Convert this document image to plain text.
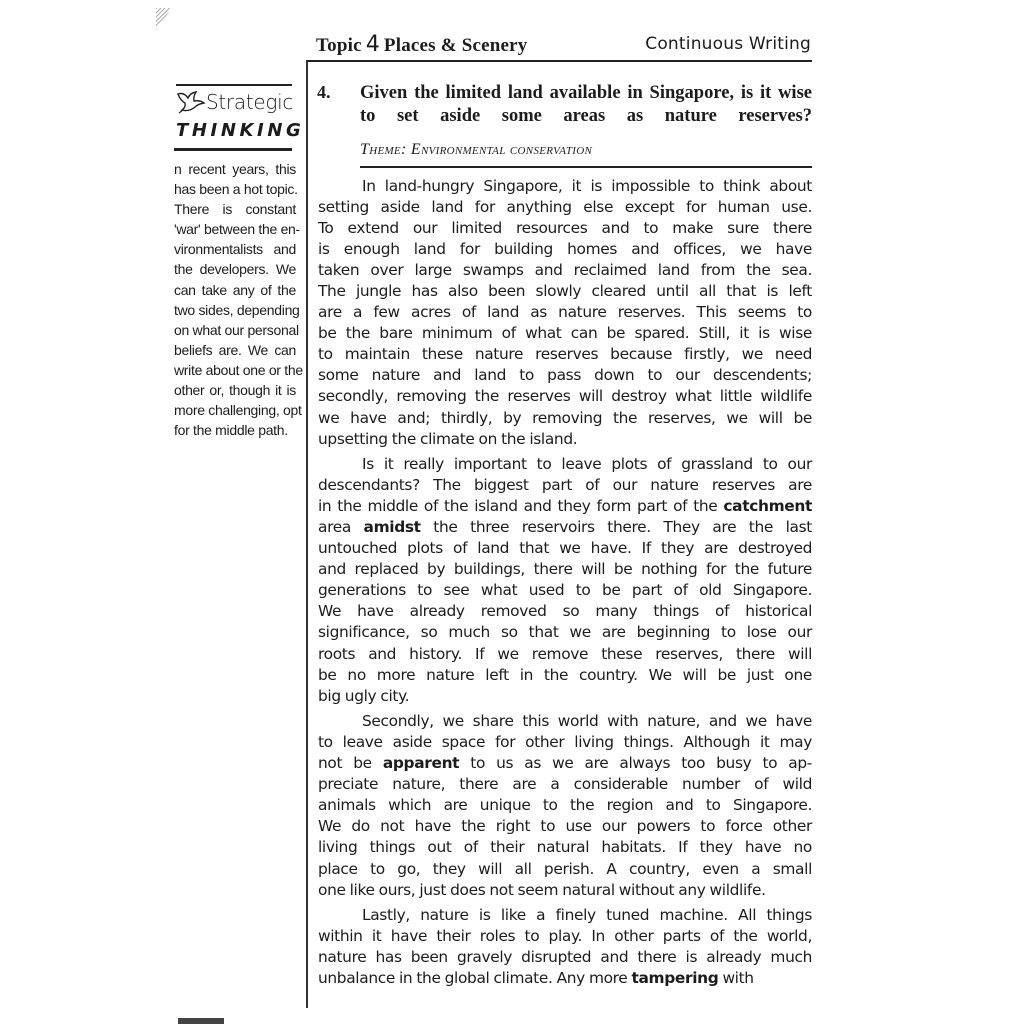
Topic 4 Places & Scenery	Continuous Writing
Strategic
THINKING
n recent years, this
has been a hot topic.
There is constant
'war' between the en-
vironmentalists and
the developers. We
can take any of the
two sides, depending
on what our personal
beliefs are. We can
write about one or the
other or, though it is
more challenging, opt
for the middle path.
4. Given the limited land available in Singapore, is it wise to set aside some areas as nature reserves?
Theme: Environmental conservation
In land-hungry Singapore, it is impossible to think about
setting aside land for anything else except for human use.
To extend our limited resources and to make sure there
is enough land for building homes and offices, we have
taken over large swamps and reclaimed land from the sea.
The jungle has also been slowly cleared until all that is left
are a few acres of land as nature reserves. This seems to
be the bare minimum of what can be spared. Still, it is wise
to maintain these nature reserves because firstly, we need
some nature and land to pass down to our descendents;
secondly, removing the reserves will destroy what little wildlife
we have and; thirdly, by removing the reserves, we will be
upsetting the climate on the island.
Is it really important to leave plots of grassland to our
descendants? The biggest part of our nature reserves are
in the middle of the island and they form part of the catchment
area amidst the three reservoirs there. They are the last
untouched plots of land that we have. If they are destroyed
and replaced by buildings, there will be nothing for the future
generations to see what used to be part of old Singapore.
We have already removed so many things of historical
significance, so much so that we are beginning to lose our
roots and history. If we remove these reserves, there will
be no more nature left in the country. We will be just one
big ugly city.
Secondly, we share this world with nature, and we have
to leave aside space for other living things. Although it may
not be apparent to us as we are always too busy to ap-
preciate nature, there are a considerable number of wild
animals which are unique to the region and to Singapore.
We do not have the right to use our powers to force other
living things out of their natural habitats. If they have no
place to go, they will all perish. A country, even a small
one like ours, just does not seem natural without any wildlife.
Lastly, nature is like a finely tuned machine. All things
within it have their roles to play. In other parts of the world,
nature has been gravely disrupted and there is already much
unbalance in the global climate. Any more tampering with
